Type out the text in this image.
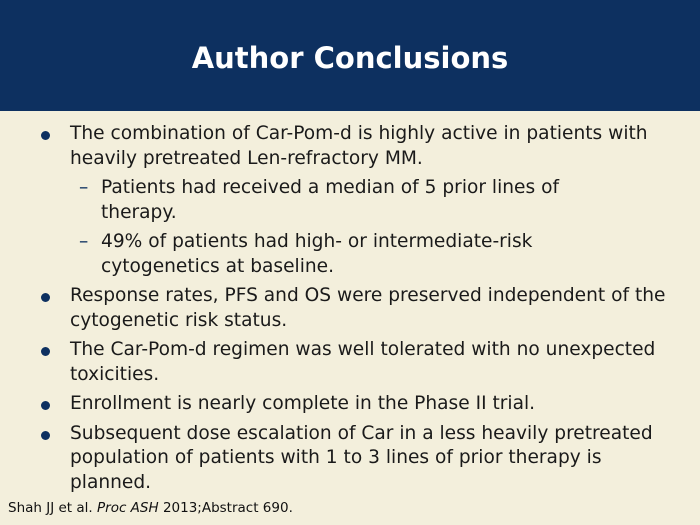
Author Conclusions
The combination of Car-Pom-d is highly active in patients with heavily pretreated Len-refractory MM.
– Patients had received a median of 5 prior lines of therapy.
– 49% of patients had high- or intermediate-risk cytogenetics at baseline.
Response rates, PFS and OS were preserved independent of the cytogenetic risk status.
The Car-Pom-d regimen was well tolerated with no unexpected toxicities.
Enrollment is nearly complete in the Phase II trial.
Subsequent dose escalation of Car in a less heavily pretreated population of patients with 1 to 3 lines of prior therapy is planned.
Shah JJ et al. Proc ASH 2013;Abstract 690.
